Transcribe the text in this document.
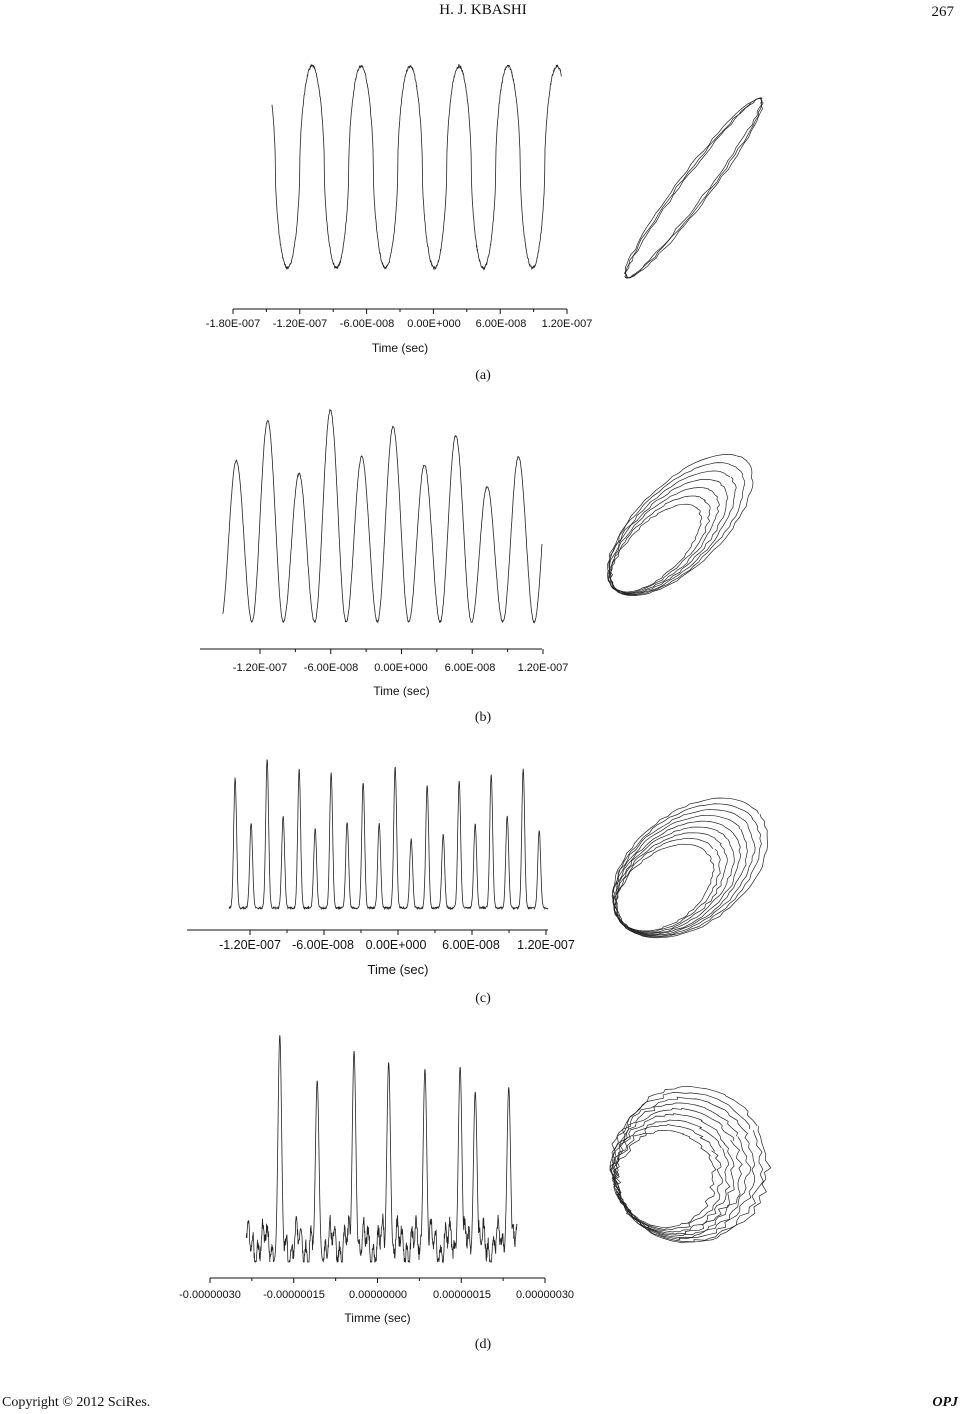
H. J. KBASHI	267
-1.80E-007 -1.20E-007 -6.00E-008 0.00E+000 6.00E-008 1.20E-007
Time (sec)
-1.20E-007 -6.00E-008 0.00E+000 6.00E-008 1.20E-007
Time (sec)
-1.20E-007 -6.00E-008 0.00E+000 6.00E-008 1.20E-007
Time (sec)
-0.00000030 -0.00000015 0.00000000 0.00000015 0.00000030
Timme (sec)
(a)
(b)
(c)
(d)
Copyright © 2012 SciRes.	OPJ
